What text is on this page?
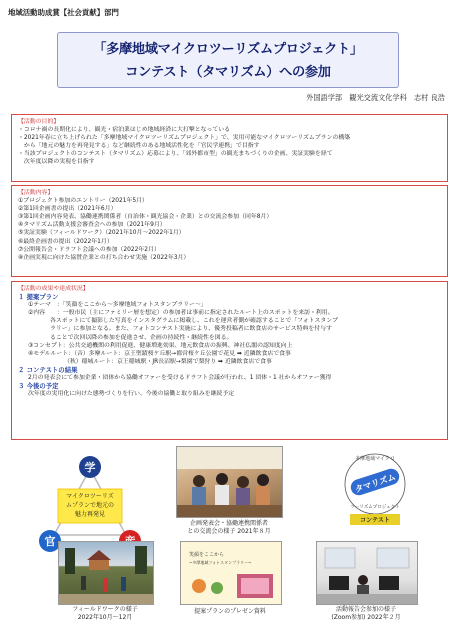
地域活動助成賞【社会貢献】部門
「多摩地域マイクロツーリズムプロジェクト」
コンテスト（タマリズム）への参加
外国語学部　観光交流文化学科　志村 良浩
【活動の目的】
・コロナ禍の長期化により、観光・宿泊業はじめ地域経済に大打撃となっている
・2021年春に立ち上げられた「多摩地域マイクロツーリズムプロジェクト」で、実用可能なマイクロツーリズムプランの構築
　から「地元の魅力を再発見する」など継続性のある地域活性化を「官民学連携」で目指す
・当該プロジェクトのコンテスト（タマリズム）応募により、「郊外都市型」の観光まちづくりの企画、実証実験を経て
　次年度以降の実現を目指す
【活動内容】
①プロジェクト参加のエントリー（2021年5月）
②第1回企画書の提出（2021年6月）
③第1回企画内容発表、協働連携関係者（自治体・観光協会・企業）との交流会参加（同年8月）
④タマリズム活動支援会審査会への参加（2021年9月）
⑤実証実験（フィールドワーク）（2021年10月～2022年1月）
⑥最終企画書の提出（2022年1月）
⑦公開報告会・ドラフト会議への参加（2022年2月）
⑧企画実現に向けた協賛企業との打ち合わせ実施（2022年3月）
【活動の成果や達成状況】
１ 提案プラン
①テーマ　：「笑顔をここから～多摩地域フォトスタンプラリー～」
②内容　　：一般市民（主にファミリー層を想定）の参加者は事前に指定されたルート上のスポットを来訪・利用。
各スポットにて撮影した写真をインスタグラムに掲載し、これを運営者側が確認することで「フォトスタンプ
ラリー」に参加となる。また、フォトコンテスト実施により、優秀投稿者に飲食店のサービス特典を付与す
ることで次回以降の参加を促進させ、企画の持続性・継続性を図る。
③コンセプト：公共交通機関の利用促進、健康増進効果、地元飲食店の振興、神社仏閣の認知度向上
④モデルルート：（音）多摩ルート：京王聖蹟桜ケ丘駅→都営桜ケ丘公園で花見 ➡ 近隣飲食店で食事
（秋）稲城ルート：京王稲城駅・JR長沼駅→梨園で梨狩り ➡ 近隣飲食店で食事
２ コンテストの結果
2月の発表会にて参加企業・団体から協働オファーを受けるドラフト会議が行われ、1 団体・1 社からオファー獲得
３ 今後の予定
次年度の実用化に向けた態勢づくりを行い、今後の協働と取り組みを継続予定
マイクロツーリズ
ムプランで地元の
魅力再発見
学
官
企画発表会・協働連携関係者
との交流会の様子 2021年８月
多摩地域マイクロ
タマリズム
ツーリズムプロジェクト
コンテスト
フィールドワークの様子
2022年10月～12月
笑顔をここから
~多摩地域フォトスタンプラリー~
提案プランのプレゼン資料	活動報告会参加の様子
(Zoom参加) 2022年２月
